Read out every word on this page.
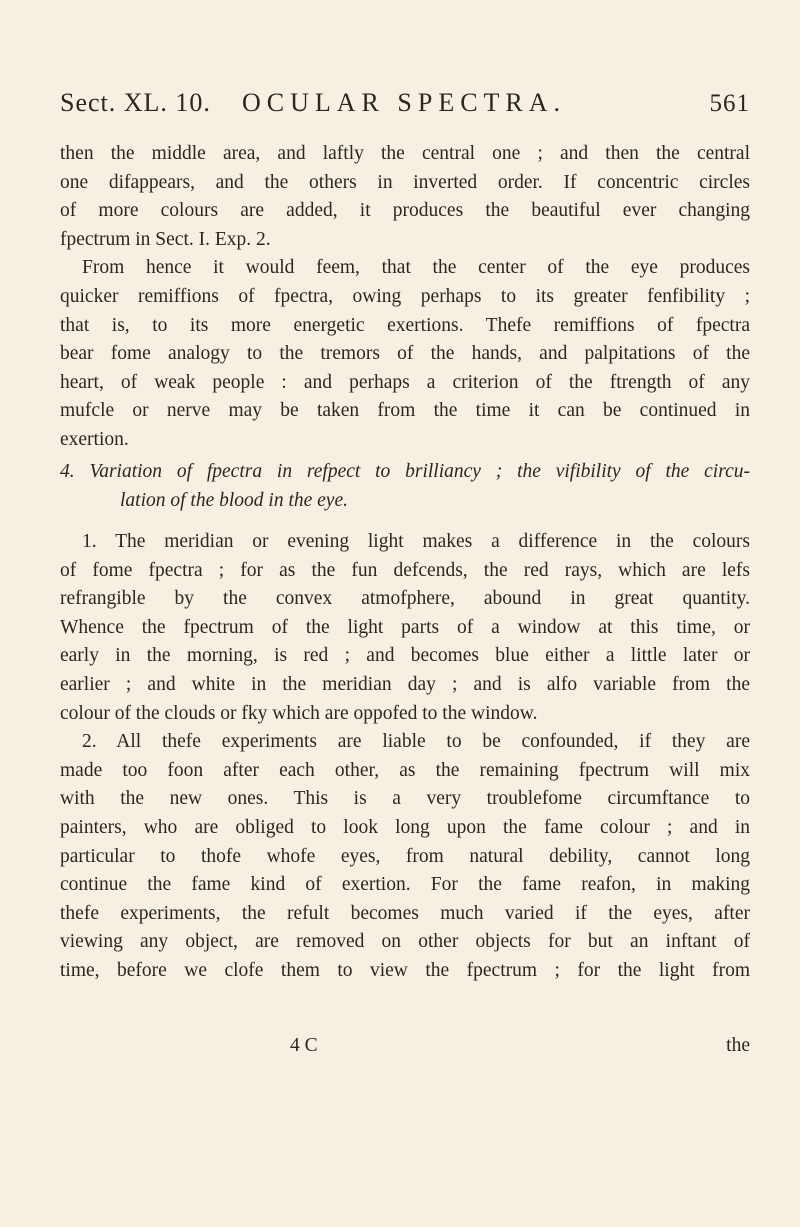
Sect. XL. 10. OCULAR SPECTRA.	561
then the middle area, and laftly the central one ; and then the central
one difappears, and the others in inverted order. If concentric circles
of more colours are added, it produces the beautiful ever changing
fpectrum in Sect. I. Exp. 2.
From hence it would feem, that the center of the eye produces
quicker remiffions of fpectra, owing perhaps to its greater fenfibility ;
that is, to its more energetic exertions. Thefe remiffions of fpectra
bear fome analogy to the tremors of the hands, and palpitations of the
heart, of weak people : and perhaps a criterion of the ftrength of any
mufcle or nerve may be taken from the time it can be continued in
exertion.
4. Variation of fpectra in refpect to brilliancy ; the vifibility of the circu-
lation of the blood in the eye.
1. The meridian or evening light makes a difference in the colours
of fome fpectra ; for as the fun defcends, the red rays, which are lefs
refrangible by the convex atmofphere, abound in great quantity.
Whence the fpectrum of the light parts of a window at this time, or
early in the morning, is red ; and becomes blue either a little later or
earlier ; and white in the meridian day ; and is alfo variable from the
colour of the clouds or fky which are oppofed to the window.
2. All thefe experiments are liable to be confounded, if they are
made too foon after each other, as the remaining fpectrum will mix
with the new ones. This is a very troublefome circumftance to
painters, who are obliged to look long upon the fame colour ; and in
particular to thofe whofe eyes, from natural debility, cannot long
continue the fame kind of exertion. For the fame reafon, in making
thefe experiments, the refult becomes much varied if the eyes, after
viewing any object, are removed on other objects for but an inftant of
time, before we clofe them to view the fpectrum ; for the light from
4 C	the
